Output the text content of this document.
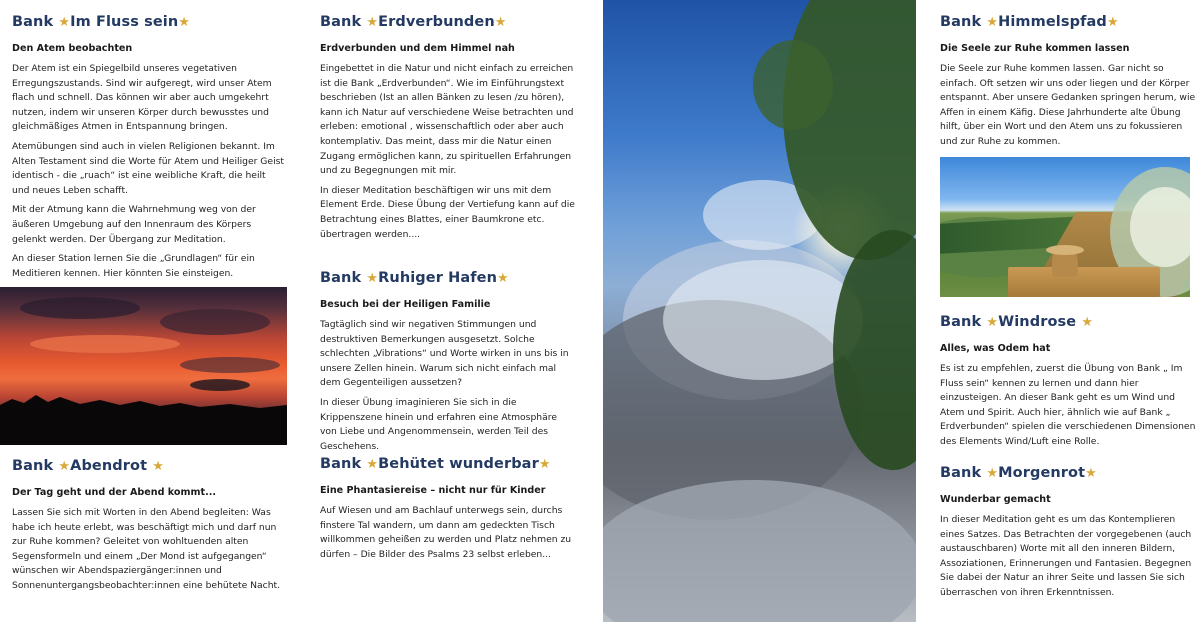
Bank ★Im Fluss sein★
Den Atem beobachten

Der Atem ist ein Spiegelbild unseres vegetativen Erregungszustands. Sind wir aufgeregt, wird unser Atem flach und schnell. Das können wir aber auch umgekehrt nutzen, indem wir unseren Körper durch bewusstes und gleichmäßiges Atmen in Entspannung bringen.

Atemübungen sind auch in vielen Religionen bekannt. Im Alten Testament sind die Worte für Atem und Heiliger Geist identisch - die „ruach“ ist eine weibliche Kraft, die heilt und neues Leben schafft.

Mit der Atmung kann die Wahrnehmung weg von der äußeren Umgebung auf den Innenraum des Körpers gelenkt werden. Der Übergang zur Meditation.

An dieser Station lernen Sie die „Grundlagen“ für ein Meditieren kennen. Hier könnten Sie einsteigen.

Bank ★Abendrot ★
Der Tag geht und der Abend kommt...

Lassen Sie sich mit Worten in den Abend begleiten: Was habe ich heute erlebt, was beschäftigt mich und darf nun zur Ruhe kommen? Geleitet von wohltuenden alten Segensformeln und einem „Der Mond ist aufgegangen“ wünschen wir Abendspaziergänger:innen und Sonnenuntergangsbeobachter:innen eine behütete Nacht.

Bank ★Erdverbunden★
Erdverbunden und dem Himmel nah

Eingebettet in die Natur und nicht einfach zu erreichen ist die Bank „Erdverbunden“. Wie im Einführungstext beschrieben (Ist an allen Bänken zu lesen /zu hören), kann ich Natur auf verschiedene Weise betrachten und erleben: emotional , wissenschaftlich oder aber auch kontemplativ. Das meint, dass mir die Natur einen Zugang ermöglichen kann, zu spirituellen Erfahrungen und zu Begegnungen mit mir.

In dieser Meditation beschäftigen wir uns mit dem Element Erde. Diese Übung der Vertiefung kann auf die Betrachtung eines Blattes, einer Baumkrone etc. übertragen werden....

Bank ★Ruhiger Hafen★
Besuch bei der Heiligen Familie

Tagtäglich sind wir negativen Stimmungen und destruktiven Bemerkungen ausgesetzt. Solche schlechten „Vibrations“ und Worte wirken in uns bis in unsere Zellen hinein. Warum sich nicht einfach mal dem Gegenteiligen aussetzen?

In dieser Übung imaginieren Sie sich in die Krippenszene hinein und erfahren eine Atmosphäre von Liebe und Angenommensein, werden Teil des Geschehens.

Bank ★Behütet wunderbar★
Eine Phantasiereise – nicht nur für Kinder

Auf Wiesen und am Bachlauf unterwegs sein, durchs finstere Tal wandern, um dann am gedeckten Tisch willkommen geheißen zu werden und Platz nehmen zu dürfen – Die Bilder des Psalms 23 selbst erleben...

Bank ★Himmelspfad★
Die Seele zur Ruhe kommen lassen

Die Seele zur Ruhe kommen lassen. Gar nicht so einfach. Oft setzen wir uns oder liegen und der Körper entspannt. Aber unsere Gedanken springen herum, wie Affen in einem Käfig. Diese Jahrhunderte alte Übung hilft, über ein Wort und den Atem uns zu fokussieren und zur Ruhe zu kommen.

Bank ★Windrose ★
Alles, was Odem hat

Es ist zu empfehlen, zuerst die Übung von Bank „ Im Fluss sein“ kennen zu lernen und dann hier einzusteigen. An dieser Bank geht es um Wind und Atem und Spirit. Auch hier, ähnlich wie auf Bank „ Erdverbunden“ spielen die verschiedenen Dimensionen des Elements Wind/Luft eine Rolle.

Bank ★Morgenrot★
Wunderbar gemacht

In dieser Meditation geht es um das Kontemplieren eines Satzes. Das Betrachten der vorgegebenen (auch austauschbaren) Worte mit all den inneren Bildern, Assoziationen, Erinnerungen und Fantasien. Begegnen Sie dabei der Natur an ihrer Seite und lassen Sie sich überraschen von ihren Erkenntnissen.
